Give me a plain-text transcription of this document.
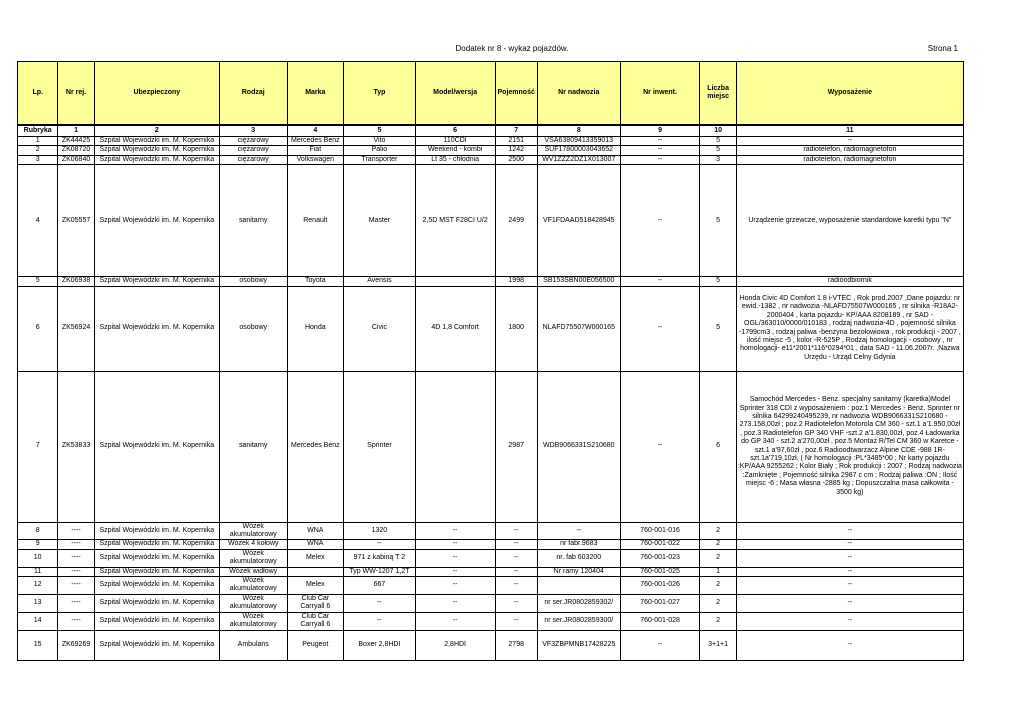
Dodatek nr 8 - wykaz pojazdów.	Strona 1
Lp.	Nr rej.	Ubezpieczony	Rodzaj	Marka	Typ	Model/wersja	Pojemność	Nr nadwozia	Nr inwent.	Liczba miejsc	Wyposażenie

Rubryka	1	2	3	4	5	6	7	8	9	10	11
1	ZK44425	Szpital Wojewódzki im. M. Kopernika	ciężarowy	Mercedes Benz	Vito	110CDI	2151	VSA63809413359013	--	5	--
2	ZK08720	Szpital Wojewódzki im. M. Kopernika	ciężarowy	Fiat	Palio	Weekend - kombi	1242	SUF17800003043652	--	5	radiotelefon, radiomagnetofon
3	ZK06840	Szpital Wojewódzki im. M. Kopernika	ciężarowy	Volkswagen	Transporter	Lt 35 - chłodnia	2500	WV1ZZZ2DZ1X013007	--	3	radiotelefon, radiomagnetofon
4	ZK05557	Szpital Wojewódzki im. M. Kopernika	sanitarny	Renault	Master	2,5D MST F28CI U/2	2499	VF1FDAAD518428945	--	5	Urządzenie grzewcze, wyposażenie standardowe karetki typu "N"
5	ZK06938	Szpital Wojewódzki im. M. Kopernika	osobowy	Toyota	Avensis		1998	SB153SBN00E056500	--	5	radioodbiornik
6	ZK56924	Szpital Wojewódzki im. M. Kopernika	osobowy	Honda	Civic	4D 1,8 Comfort	1800	NLAFD75507W000165	--	5	Honda Civic 4D Comfort 1.8 i-VTEC , Rok prod.2007 ,Dane pojazdu: nr ewid.-1382 , nr nadwozia -NLAFD75507W000165 , nr silnika -R18A2-2000404 , karta pojazdu- KP/AAA 8208189 , nr SAD -OGL/363010/0000/010183 , rodzaj nadwozia-4D , pojemność silnika -1799cm3 , rodzaj paliwa -benzyna bezołowiowa , rok produkcji - 2007 , ilość miejsc -5 , kolor -R-525P , Rodzaj homologacji - osobowy , nr homologacji- e11*2001*116*0294*01 , data SAD - 11.06.2007r. ,Nazwa Urzędu - Urząd Celny Gdynia
7	ZK53833	Szpital Wojewódzki im. M. Kopernika	sanitarny	Mercedes Benz	Sprinter		2987	WDB9066331S210680	--	6	Samochód Mercedes - Benz. specjalny sanitarny (karetka)Model Sprinter 318 CDI z wyposażeniem : poz.1 Mercedes - Benz. Sprinter nr silnika 64299240495239, nr nadwozia WDB9066331S210680 - 273.158,00zł ; poz.2 Radiotelefon Motorola CM 360 - szt.1 a'1.950,00zł , poz.3 Radiotelefon GP 340 VHF -szt.2 a'1.830,00zł, poz.4 Ładowarka do GP 340 - szt.2 a'270,00zł , poz.5 Montaż R/Tel CM 360 w Karetce - szt.1 a'97,60zł , poz.6 Radioodtwarzacz Alpine CDE -988 1R- szt.1a'719,10zł. ( Nr homologacji :PL*3485*00 ; Nr karty pojazdu :KP/AAA 9255262 ; Kolor Biały ; Rok produkcji : 2007 ; Rodzaj nadwozia :Zamknięte ; Pojemność silnika 2987 c cm ; Rodzaj paliwa :ON ; Ilość miejsc -6 ; Masa własna -2885 kg ; Dopuszczalna masa całkowita - 3500 kg)
8	----	Szpital Wojewódzki im. M. Kopernika	Wózek akumulatorowy	WNA	1320	--	--	--	760-001-016	2	--
9	----	Szpital Wojewódzki im. M. Kopernika	Wózek 4 kołowy	WNA	--	--	--	nr fabr.9683	760-001-022	2	--
10	----	Szpital Wojewódzki im. M. Kopernika	Wózek akumulatorowy	Melex	971 z kabiną T 2	--	--	nr. fab 603200	760-001-023	2	--
11	----	Szpital Wojewódzki im. M. Kopernika	Wózek widłowy		Typ WW-1207 1,2T	--	--	Nr ramy 120404	760-001-025	1	--
12	----	Szpital Wojewódzki im. M. Kopernika	Wózek akumulatorowy	Melex	667	--	--		760-001-026	2	--
13	----	Szpital Wojewódzki im. M. Kopernika	Wózek akumulatorowy	Club Car Carryall 6	--	--	--	nr ser.JR0802859302/	760-001-027	2	--
14	----	Szpital Wojewódzki im. M. Kopernika	Wózek akumulatorowy	Club Car Carryall 6	--	--	--	nr ser.JR0802859300/	760-001-028	2	--
15	ZK69269	Szpital Wojewódzki im. M. Kopernika	Ambulans	Peugeot	Boxer 2,8HDI	2,8HDI	2798	VF3ZBPMNB17428225	--	3+1+1	--
